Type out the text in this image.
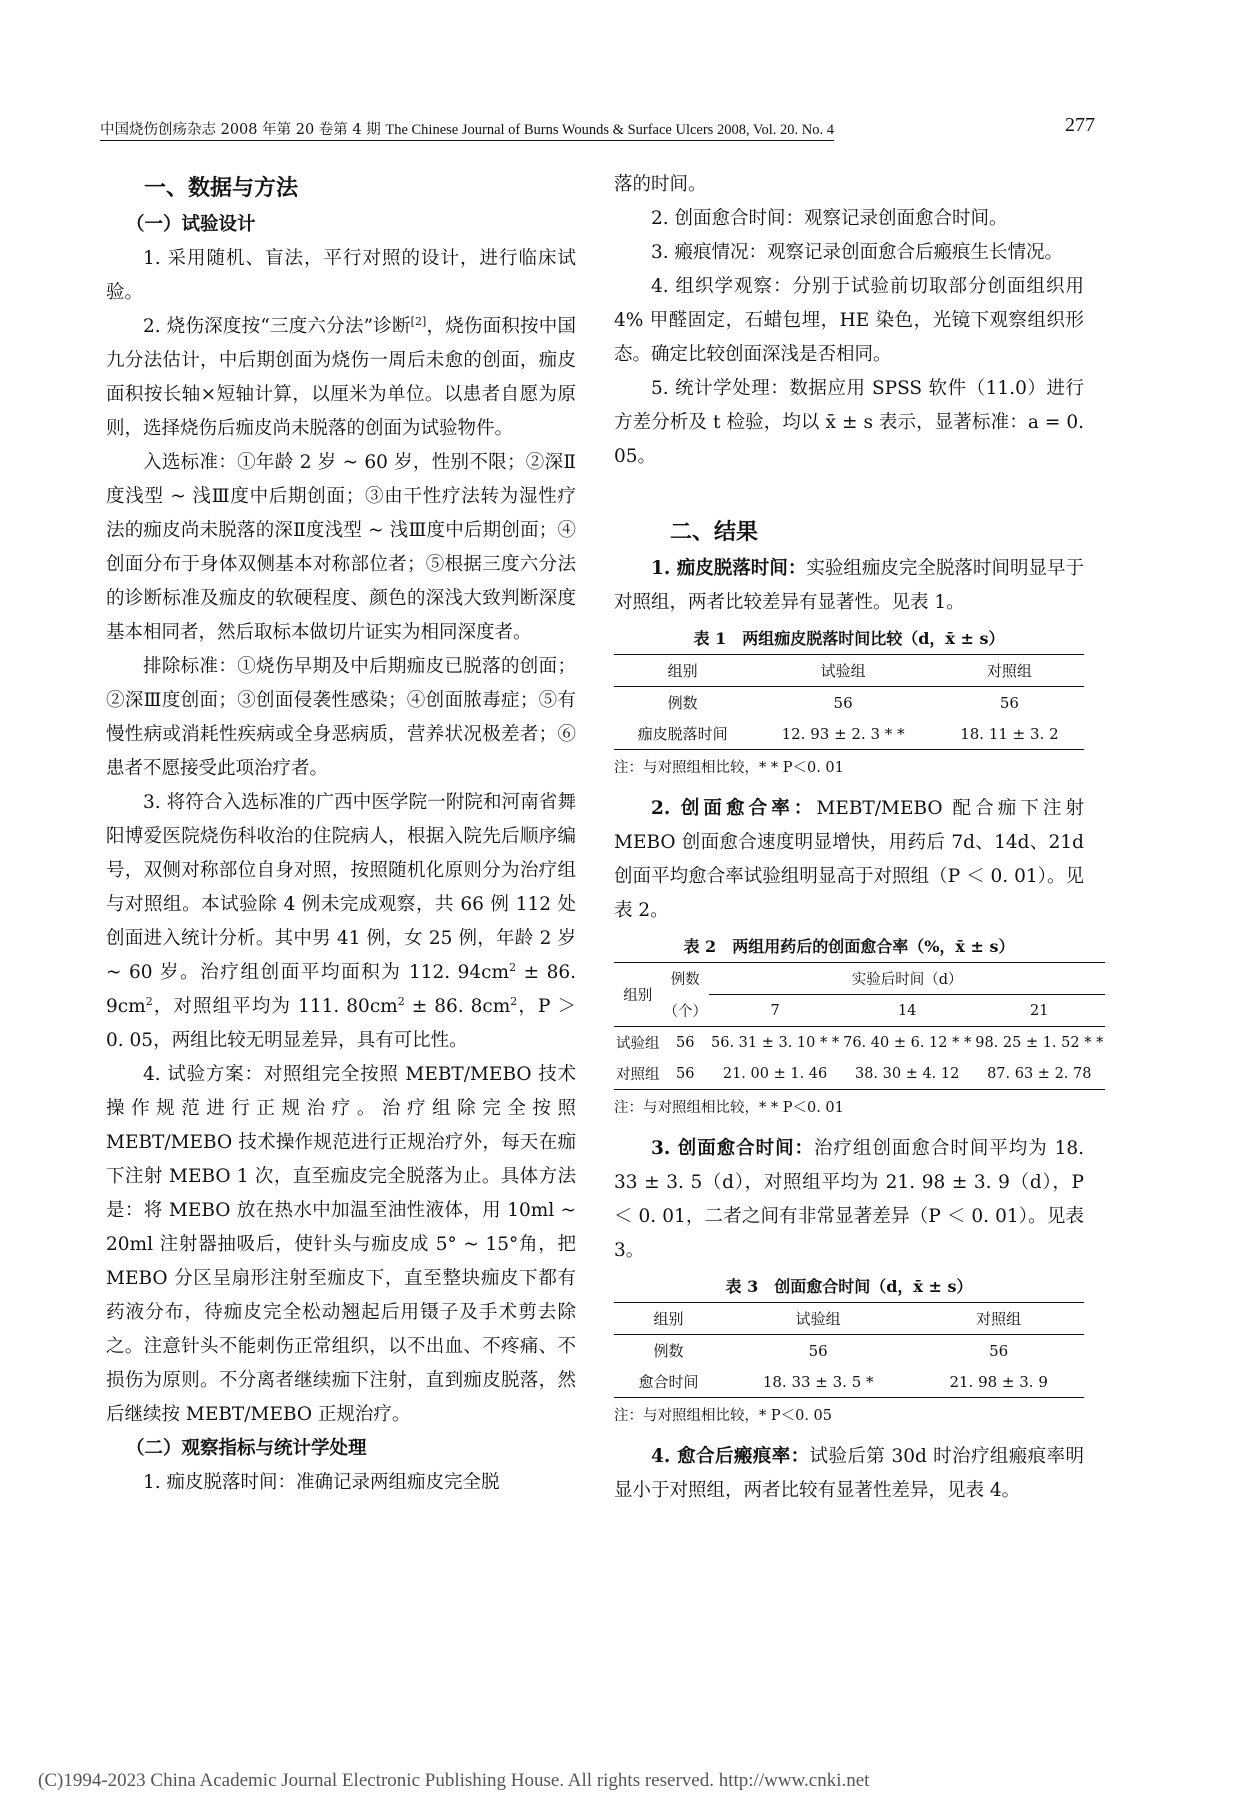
中国烧伤创疡杂志 2008 年第 20 卷第 4 期 The Chinese Journal of Burns Wounds & Surface Ulcers 2008, Vol. 20. No. 4	277
一、数据与方法
（一）试验设计

1. 采用随机、盲法，平行对照的设计，进行临床试验。

2. 烧伤深度按“三度六分法”诊断[2]，烧伤面积按中国九分法估计，中后期创面为烧伤一周后未愈的创面，痂皮面积按长轴×短轴计算，以厘米为单位。以患者自愿为原则，选择烧伤后痂皮尚未脱落的创面为试验物件。

入选标准：①年龄 2 岁 ~ 60 岁，性别不限；②深Ⅱ度浅型 ~ 浅Ⅲ度中后期创面；③由干性疗法转为湿性疗法的痂皮尚未脱落的深Ⅱ度浅型 ~ 浅Ⅲ度中后期创面；④创面分布于身体双侧基本对称部位者；⑤根据三度六分法的诊断标准及痂皮的软硬程度、颜色的深浅大致判断深度基本相同者，然后取标本做切片证实为相同深度者。

排除标准：①烧伤早期及中后期痂皮已脱落的创面；②深Ⅲ度创面；③创面侵袭性感染；④创面脓毒症；⑤有慢性病或消耗性疾病或全身恶病质，营养状况极差者；⑥患者不愿接受此项治疗者。

3. 将符合入选标准的广西中医学院一附院和河南省舞阳博爱医院烧伤科收治的住院病人，根据入院先后顺序编号，双侧对称部位自身对照，按照随机化原则分为治疗组与对照组。本试验除 4 例未完成观察，共 66 例 112 处创面进入统计分析。其中男 41 例，女 25 例，年龄 2 岁 ~ 60 岁。治疗组创面平均面积为 112. $94cm^2 \pm 86$. $9cm^2$，对照组平均为 111. $80cm^2 \pm 86$. $8cm^2$，P ＞ 0. 05，两组比较无明显差异，具有可比性。

4. 试验方案：对照组完全按照 MEBT/MEBO 技术操作规范进行正规治疗。治疗组除完全按照 MEBT/MEBO 技术操作规范进行正规治疗外，每天在痂下注射 MEBO 1 次，直至痂皮完全脱落为止。具体方法是：将 MEBO 放在热水中加温至油性液体，用 10ml ~ 20ml 注射器抽吸后，使针头与痂皮成 5° ~ 15°角，把 MEBO 分区呈扇形注射至痂皮下，直至整块痂皮下都有药液分布，待痂皮完全松动翘起后用镊子及手术剪去除之。注意针头不能刺伤正常组织，以不出血、不疼痛、不损伤为原则。不分离者继续痂下注射，直到痂皮脱落，然后继续按 MEBT/MEBO 正规治疗。

（二）观察指标与统计学处理

1. 痂皮脱落时间：准确记录两组痂皮完全脱

落的时间。

2. 创面愈合时间：观察记录创面愈合时间。

3. 瘢痕情况：观察记录创面愈合后瘢痕生长情况。

4. 组织学观察：分别于试验前切取部分创面组织用 4% 甲醛固定，石蜡包埋，HE 染色，光镜下观察组织形态。确定比较创面深浅是否相同。

5. 统计学处理：数据应用 SPSS 软件（11.0）进行方差分析及 t 检验，均以 x̄ ± s 表示，显著标准：a = 0. 05。

二、结果

1. 痂皮脱落时间：实验组痂皮完全脱落时间明显早于对照组，两者比较差异有显著性。见表 1。

表 1　两组痂皮脱落时间比较（d，x̄ ± s）
组别	试验组	对照组
例数	56	56
痂皮脱落时间	12. 93 ± 2. 3 * *	18. 11 ± 3. 2
注：与对照组相比较，* * P＜0. 01

2. 创面愈合率：MEBT/MEBO 配合痂下注射 MEBO 创面愈合速度明显增快，用药后 7d、14d、21d 创面平均愈合率试验组明显高于对照组（P ＜ 0. 01）。见表 2。

表 2　两组用药后的创面愈合率（%，x̄ ± s）
组别	例数	实验后时间（d）		
	（个）	7	14	21
试验组	56	56. 31 ± 3. 10 * *	76. 40 ± 6. 12 * *	98. 25 ± 1. 52 * *
对照组	56	21. 00 ± 1. 46	38. 30 ± 4. 12	87. 63 ± 2. 78
注：与对照组相比较，* * P＜0. 01

3. 创面愈合时间：治疗组创面愈合时间平均为 18. 33 ± 3. 5（d），对照组平均为 21. 98 ± 3. 9（d），P ＜ 0. 01，二者之间有非常显著差异（P ＜ 0. 01）。见表 3。

表 3　创面愈合时间（d，x̄ ± s）
组别	试验组	对照组
例数	56	56
愈合时间	18. 33 ± 3. 5 *	21. 98 ± 3. 9
注：与对照组相比较，* P＜0. 05

4. 愈合后瘢痕率：试验后第 30d 时治疗组瘢痕率明显小于对照组，两者比较有显著性差异，见表 4。

(C)1994-2023 China Academic Journal Electronic Publishing House. All rights reserved. http://www.cnki.net
